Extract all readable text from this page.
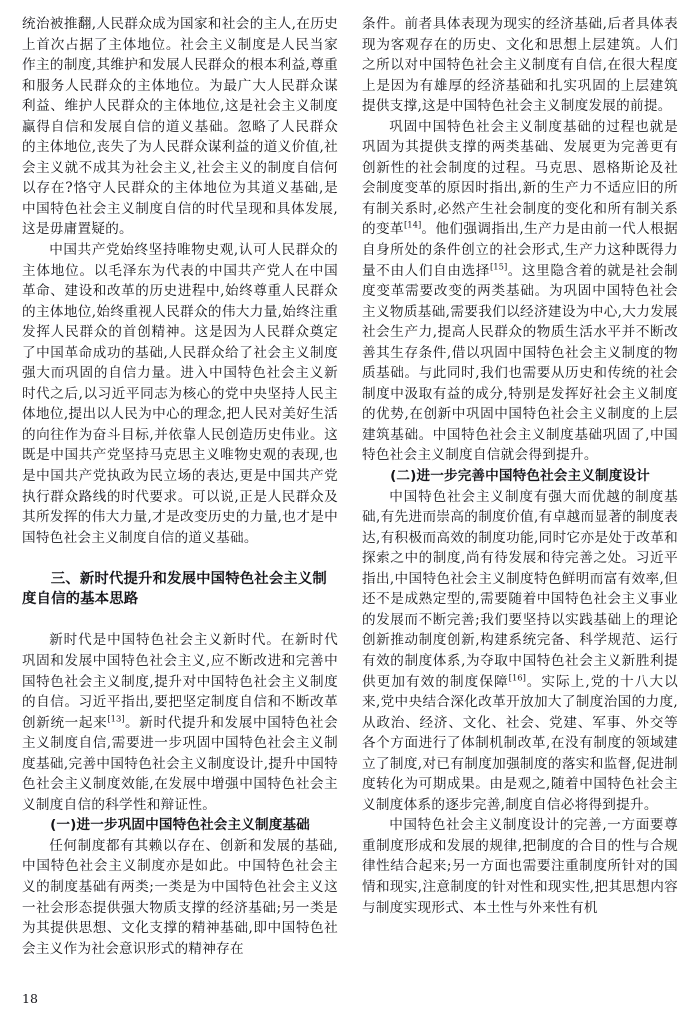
统治被推翻,人民群众成为国家和社会的主人,在历史上首次占据了主体地位。社会主义制度是人民当家作主的制度,其维护和发展人民群众的根本利益,尊重和服务人民群众的主体地位。为最广大人民群众谋利益、维护人民群众的主体地位,这是社会主义制度赢得自信和发展自信的道义基础。忽略了人民群众的主体地位,丧失了为人民群众谋利益的道义价值,社会主义就不成其为社会主义,社会主义的制度自信何以存在?恪守人民群众的主体地位为其道义基础,是中国特色社会主义制度自信的时代呈现和具体发展,这是毋庸置疑的。

中国共产党始终坚持唯物史观,认可人民群众的主体地位。以毛泽东为代表的中国共产党人在中国革命、建设和改革的历史进程中,始终尊重人民群众的主体地位,始终重视人民群众的伟大力量,始终注重发挥人民群众的首创精神。这是因为人民群众奠定了中国革命成功的基础,人民群众给了社会主义制度强大而巩固的自信力量。进入中国特色社会主义新时代之后,以习近平同志为核心的党中央坚持人民主体地位,提出以人民为中心的理念,把人民对美好生活的向往作为奋斗目标,并依靠人民创造历史伟业。这既是中国共产党坚持马克思主义唯物史观的表现,也是中国共产党执政为民立场的表达,更是中国共产党执行群众路线的时代要求。可以说,正是人民群众及其所发挥的伟大力量,才是改变历史的力量,也才是中国特色社会主义制度自信的道义基础。

三、新时代提升和发展中国特色社会主义制度自信的基本思路

新时代是中国特色社会主义新时代。在新时代巩固和发展中国特色社会主义,应不断改进和完善中国特色社会主义制度,提升对中国特色社会主义制度的自信。习近平指出,要把坚定制度自信和不断改革创新统一起来[13]。新时代提升和发展中国特色社会主义制度自信,需要进一步巩固中国特色社会主义制度基础,完善中国特色社会主义制度设计,提升中国特色社会主义制度效能,在发展中增强中国特色社会主义制度自信的科学性和辩证性。

(一)进一步巩固中国特色社会主义制度基础

任何制度都有其赖以存在、创新和发展的基础,中国特色社会主义制度亦是如此。中国特色社会主义的制度基础有两类;一类是为中国特色社会主义这一社会形态提供强大物质支撑的经济基础;另一类是为其提供思想、文化支撑的精神基础,即中国特色社会主义作为社会意识形式的精神存在

条件。前者具体表现为现实的经济基础,后者具体表现为客观存在的历史、文化和思想上层建筑。人们之所以对中国特色社会主义制度有自信,在很大程度上是因为有雄厚的经济基础和扎实巩固的上层建筑提供支撑,这是中国特色社会主义制度发展的前提。

巩固中国特色社会主义制度基础的过程也就是巩固为其提供支撑的两类基础、发展更为完善更有创新性的社会制度的过程。马克思、恩格斯论及社会制度变革的原因时指出,新的生产力不适应旧的所有制关系时,必然产生社会制度的变化和所有制关系的变革[14]。他们强调指出,生产力是由前一代人根据自身所处的条件创立的社会形式,生产力这种既得力量不由人们自由选择[15]。这里隐含着的就是社会制度变革需要改变的两类基础。为巩固中国特色社会主义物质基础,需要我们以经济建设为中心,大力发展社会生产力,提高人民群众的物质生活水平并不断改善其生存条件,借以巩固中国特色社会主义制度的物质基础。与此同时,我们也需要从历史和传统的社会制度中汲取有益的成分,特别是发挥好社会主义制度的优势,在创新中巩固中国特色社会主义制度的上层建筑基础。中国特色社会主义制度基础巩固了,中国特色社会主义制度自信就会得到提升。

(二)进一步完善中国特色社会主义制度设计

中国特色社会主义制度有强大而优越的制度基础,有先进而崇高的制度价值,有卓越而显著的制度表达,有积极而高效的制度功能,同时它亦是处于改革和探索之中的制度,尚有待发展和待完善之处。习近平指出,中国特色社会主义制度特色鲜明而富有效率,但还不是成熟定型的,需要随着中国特色社会主义事业的发展而不断完善;我们要坚持以实践基础上的理论创新推动制度创新,构建系统完备、科学规范、运行有效的制度体系,为夺取中国特色社会主义新胜利提供更加有效的制度保障[16]。实际上,党的十八大以来,党中央结合深化改革开放加大了制度治国的力度,从政治、经济、文化、社会、党建、军事、外交等各个方面进行了体制机制改革,在没有制度的领域建立了制度,对已有制度加强制度的落实和监督,促进制度转化为可期成果。由是观之,随着中国特色社会主义制度体系的逐步完善,制度自信必将得到提升。

中国特色社会主义制度设计的完善,一方面要尊重制度形成和发展的规律,把制度的合目的性与合规律性结合起来;另一方面也需要注重制度所针对的国情和现实,注意制度的针对性和现实性,把其思想内容与制度实现形式、本土性与外来性有机

18
